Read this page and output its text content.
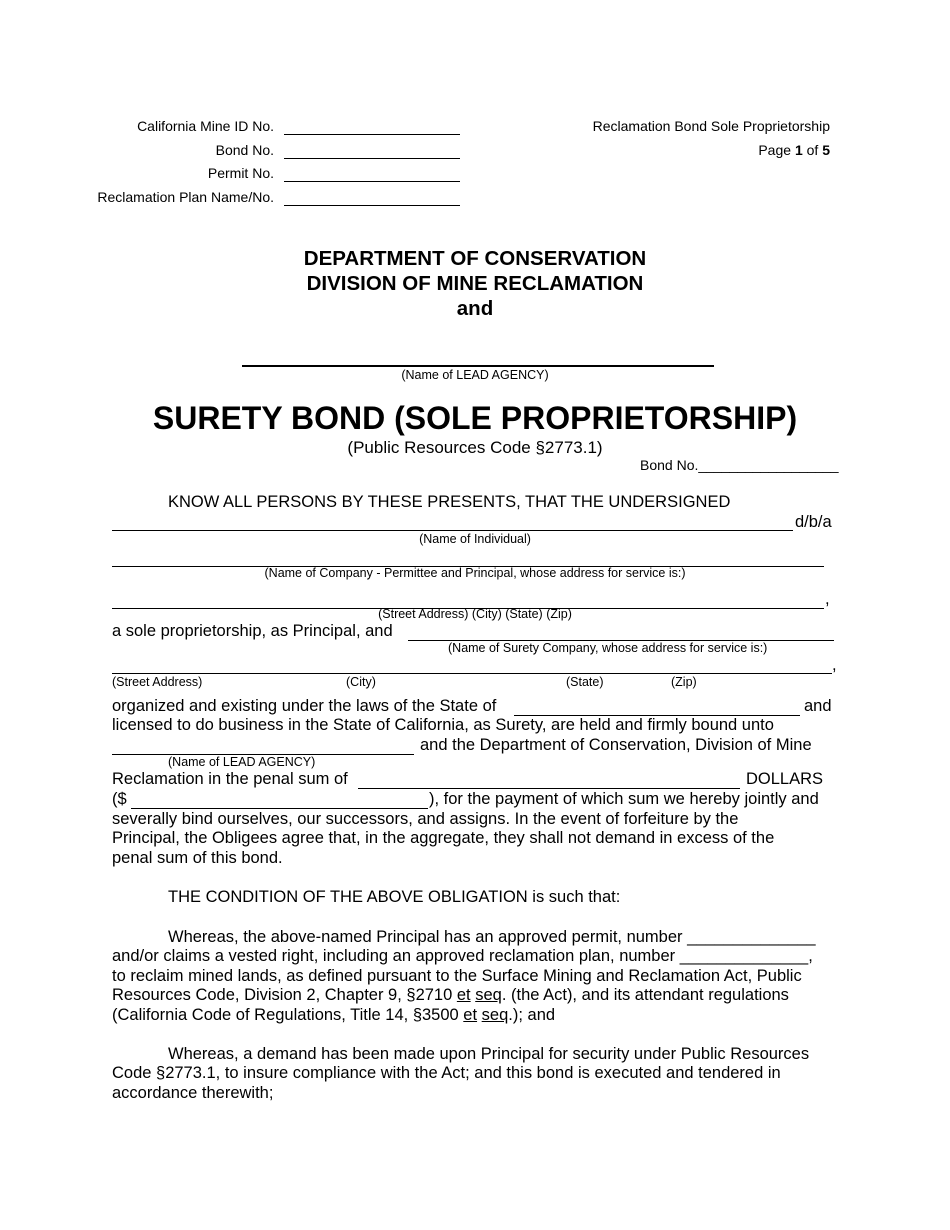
California Mine ID No.
Bond No.
Permit No.
Reclamation Plan Name/No.
Reclamation Bond Sole Proprietorship
Page 1 of 5
DEPARTMENT OF CONSERVATION
DIVISION OF MINE RECLAMATION
and
(Name of LEAD AGENCY)
SURETY BOND (SOLE PROPRIETORSHIP)
(Public Resources Code §2773.1)
Bond No.__________________
KNOW ALL PERSONS BY THESE PRESENTS, THAT THE UNDERSIGNED
d/b/a
(Name of Individual)
(Name of Company - Permittee and Principal, whose address for service is:)
,
(Street Address) (City) (State) (Zip)
a sole proprietorship, as Principal, and
(Name of Surety Company, whose address for service is:)
,
(Street Address)	(City)	(State)	(Zip)
organized and existing under the laws of the State of	and
licensed to do business in the State of California, as Surety, are held and firmly bound unto
and the Department of Conservation, Division of Mine
(Name of LEAD AGENCY)
Reclamation in the penal sum of	DOLLARS
($	), for the payment of which sum we hereby jointly and
severally bind ourselves, our successors, and assigns. In the event of forfeiture by the
Principal, the Obligees agree that, in the aggregate, they shall not demand in excess of the
penal sum of this bond.
THE CONDITION OF THE ABOVE OBLIGATION is such that:
Whereas, the above-named Principal has an approved permit, number ______________
and/or claims a vested right, including an approved reclamation plan, number ______________,
to reclaim mined lands, as defined pursuant to the Surface Mining and Reclamation Act, Public
Resources Code, Division 2, Chapter 9, §2710 et seq. (the Act), and its attendant regulations
(California Code of Regulations, Title 14, §3500 et seq.); and
Whereas, a demand has been made upon Principal for security under Public Resources
Code §2773.1, to insure compliance with the Act; and this bond is executed and tendered in
accordance therewith;
